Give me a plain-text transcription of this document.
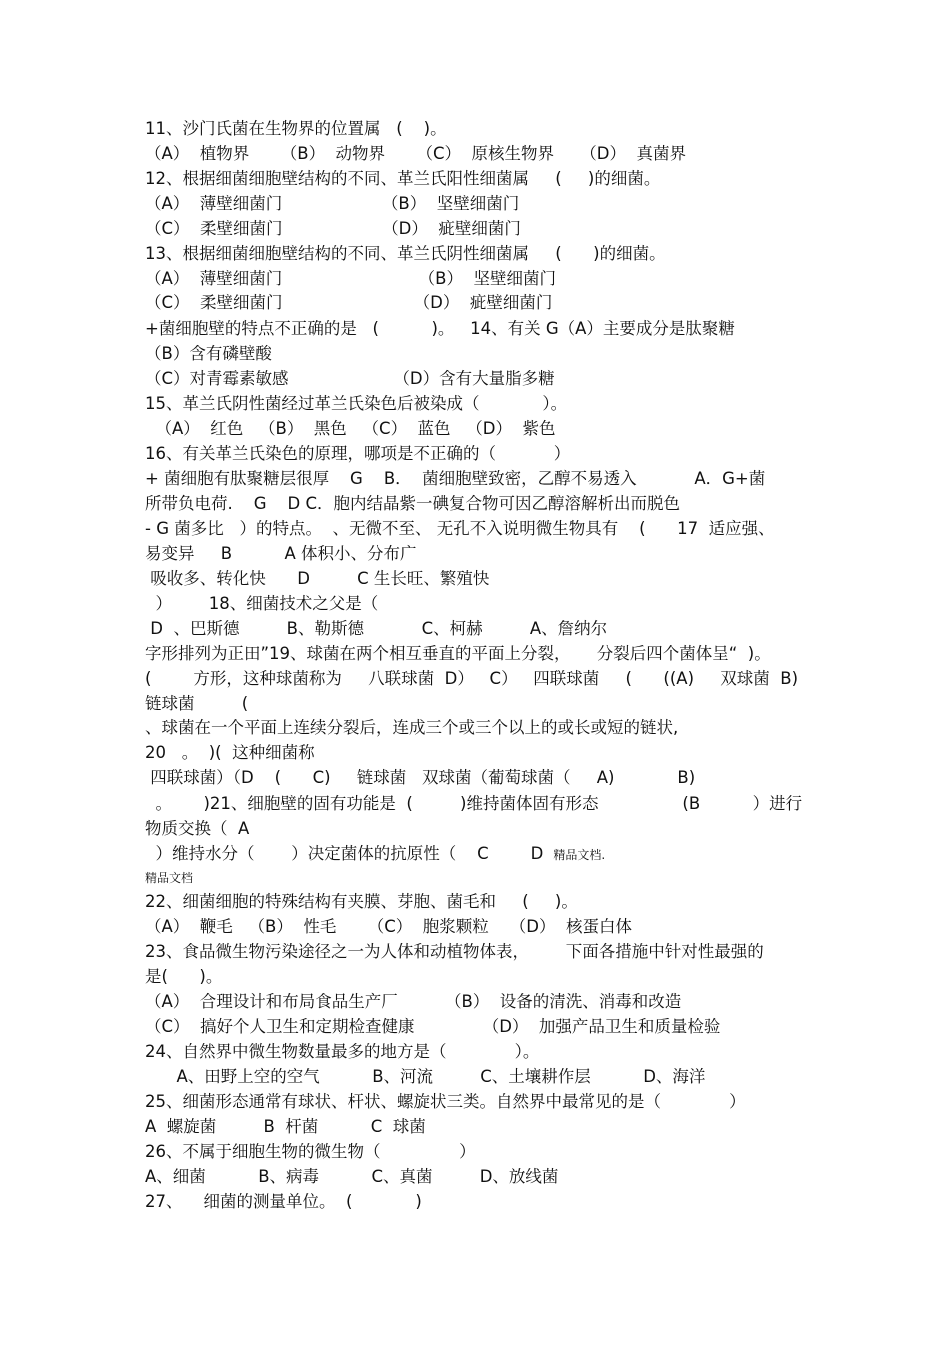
11、沙门氏菌在生物界的位置属   (    )。
（A）  植物界      （B）  动物界      （C）  原核生物界     （D）  真菌界
12、根据细菌细胞壁结构的不同、革兰氏阳性细菌属     (     )的细菌。
（A）  薄壁细菌门                   （B）  坚壁细菌门
（C）  柔壁细菌门                   （D）  疵壁细菌门
13、根据细菌细胞壁结构的不同、革兰氏阴性细菌属     (      )的细菌。
（A）  薄壁细菌门                          （B）  坚壁细菌门
（C）  柔壁细菌门                         （D）  疵壁细菌门
+菌细胞壁的特点不正确的是   (          )。   14、有关 G（A）主要成分是肽聚糖
（B）含有磷壁酸
（C）对青霉素敏感                    （D）含有大量脂多糖
15、革兰氏阴性菌经过革兰氏染色后被染成（            ）。
（A）  红色   （B）  黑色   （C）  蓝色   （D）  紫色
16、有关革兰氏染色的原理，哪项是不正确的（           ）
+ 菌细胞有肽聚糖层很厚    G    B．  菌细胞壁致密，乙醇不易透入           A．G+菌
所带负电荷.    G    D C．胞内结晶紫一碘复合物可因乙醇溶解析出而脱色
- G 菌多比   ）的特点。  、无微不至、 无孔不入说明微生物具有    (      17  适应强、
易变异     B          A 体积小、分布广
吸收多、转化快      D         C 生长旺、繁殖快
）       18、细菌技术之父是（
D  、巴斯德         B、勒斯德           C、柯赫         A、詹纳尔
字形排列为正田”19、球菌在两个相互垂直的平面上分裂，     分裂后四个菌体呈“  )。
(        方形，这种球菌称为     八联球菌  D）   C）   四联球菌     (      ((A)     双球菌  B)
链球菌         (
、球菌在一个平面上连续分裂后，连成三个或三个以上的或长或短的链状,
20   。  )(  这种细菌称
四联球菌）（D    (      C)     链球菌   双球菌（葡萄球菌（     A)            B)
。      )21、细胞壁的固有功能是  (         )维持菌体固有形态                (B          ）进行
物质交换（  A
）维持水分（       ）决定菌体的抗原性（    C        D 精品文档.
精品文档
22、细菌细胞的特殊结构有夹膜、芽胞、菌毛和     (     )。
（A）  鞭毛   （B）  性毛      （C）  胞浆颗粒    （D）  核蛋白体
23、食品微生物污染途径之一为人体和动植物体表，       下面各措施中针对性最强的
是(      )。
（A）  合理设计和布局食品生产厂         （B）  设备的清洗、消毒和改造
（C）  搞好个人卫生和定期检查健康             （D）  加强产品卫生和质量检验
24、自然界中微生物数量最多的地方是（             ）。
A、田野上空的空气          B、河流         C、土壤耕作层          D、海洋
25、细菌形态通常有球状、杆状、螺旋状三类。自然界中最常见的是（             ）
A  螺旋菌         B  杆菌          C  球菌
26、不属于细胞生物的微生物（               ）
A、细菌          B、病毒          C、真菌         D、放线菌
27、    细菌的测量单位。  (            )
